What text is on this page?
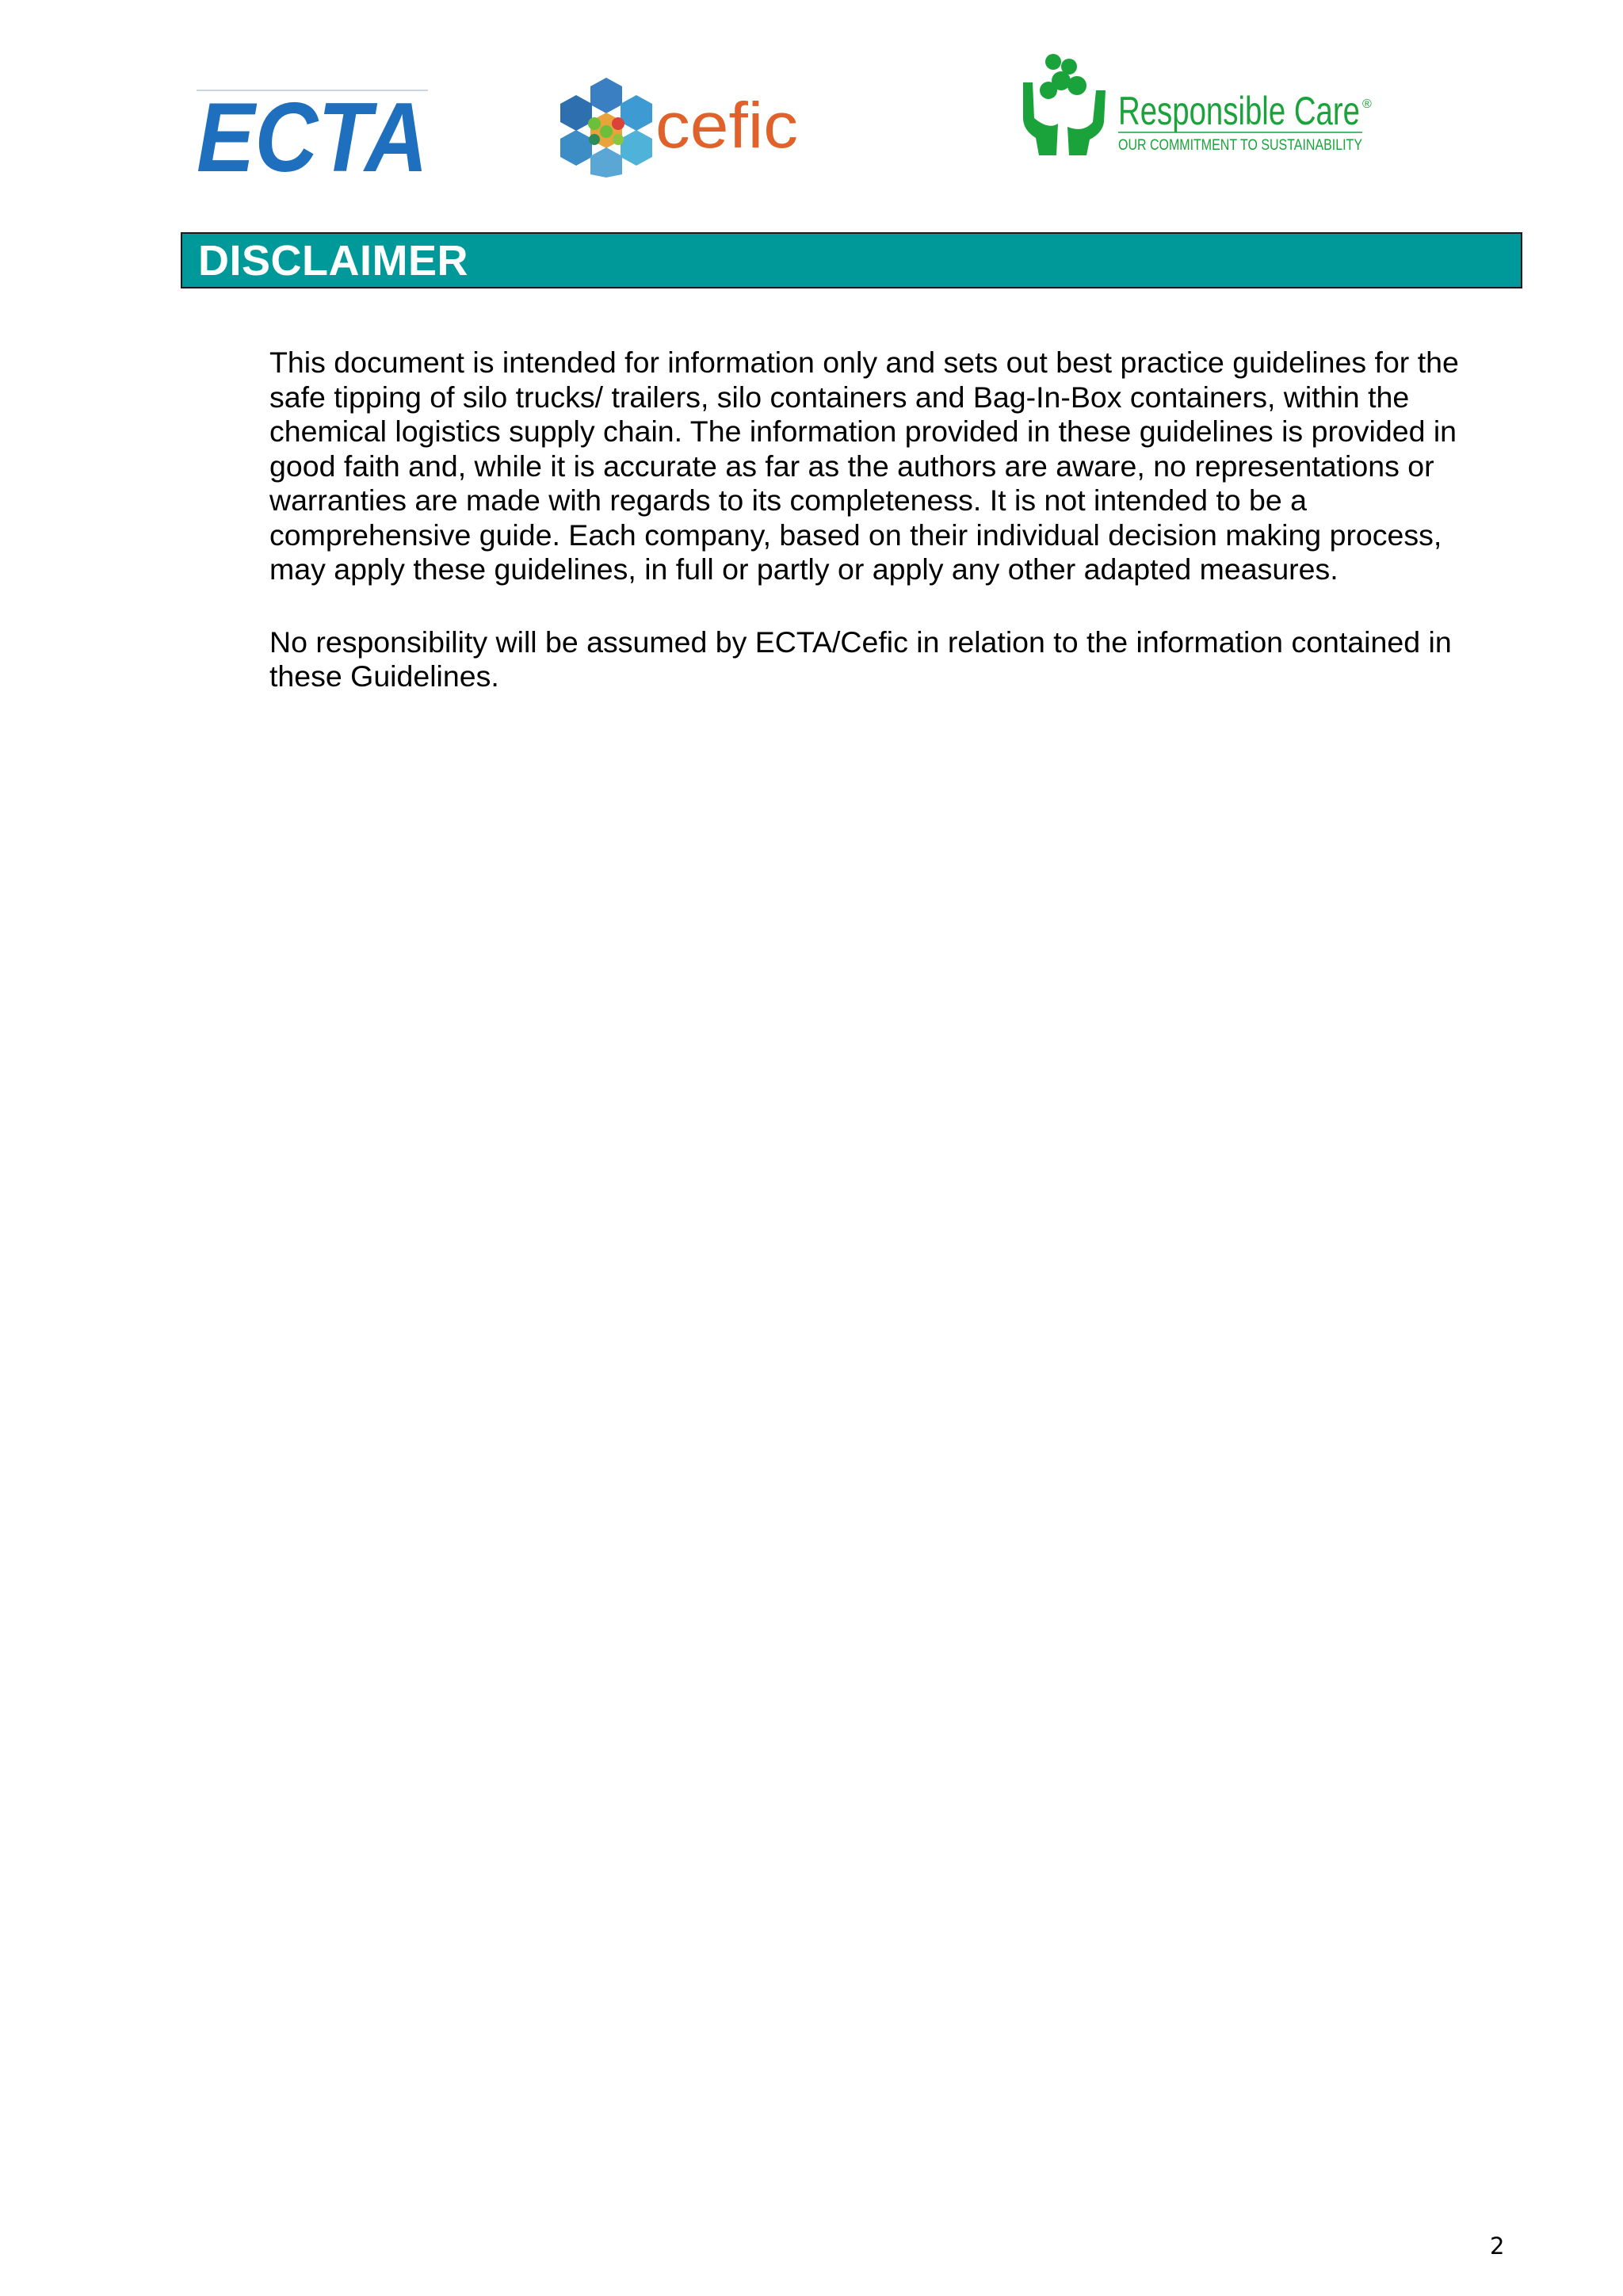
ECTA	cefic	Responsible Care ®
OUR COMMITMENT TO SUSTAINABILITY
DISCLAIMER

This document is intended for information only and sets out best practice guidelines for the safe tipping of silo trucks/ trailers, silo containers and Bag-In-Box containers, within the chemical logistics supply chain. The information provided in these guidelines is provided in good faith and, while it is accurate as far as the authors are aware, no representations or warranties are made with regards to its completeness. It is not intended to be a comprehensive guide. Each company, based on their individual decision making process, may apply these guidelines, in full or partly or apply any other adapted measures.

No responsibility will be assumed by ECTA/Cefic in relation to the information contained in these Guidelines.

2
